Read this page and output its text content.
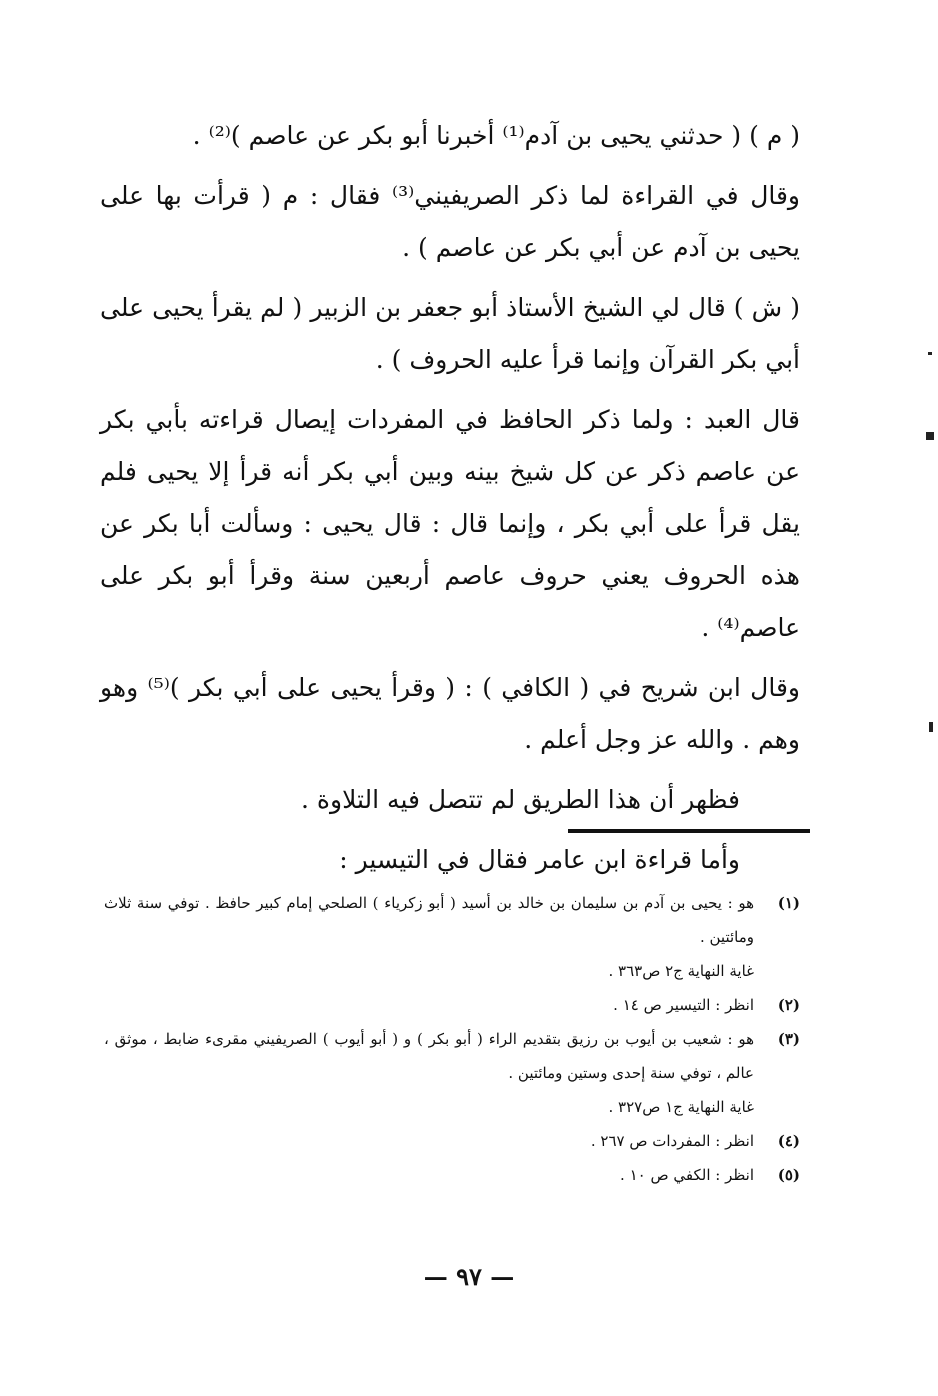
( م ) ( حدثني يحيى بن آدم⁽¹⁾ أخبرنا أبو بكر عن عاصم )⁽²⁾ .

وقال في القراءة لما ذكر الصريفيني⁽³⁾ فقال : م ( قرأت بها على يحيى بن آدم عن أبي بكر عن عاصم ) .

( ش ) قال لي الشيخ الأستاذ أبو جعفر بن الزبير ( لم يقرأ يحيى على أبي بكر القرآن وإنما قرأ عليه الحروف ) .

قال العبد : ولما ذكر الحافظ في المفردات إيصال قراءته بأبي بكر عن عاصم ذكر عن كل شيخ بينه وبين أبي بكر أنه قرأ إلا يحيى فلم يقل قرأ على أبي بكر ، وإنما قال : قال يحيى : وسألت أبا بكر عن هذه الحروف يعني حروف عاصم أربعين سنة وقرأ أبو بكر على عاصم⁽⁴⁾ .

وقال ابن شريح في ( الكافي ) : ( وقرأ يحيى على أبي بكر )⁽⁵⁾ وهو وهم . والله عز وجل أعلم .

فظهر أن هذا الطريق لم تتصل فيه التلاوة .

وأما قراءة ابن عامر فقال في التيسير :

(١)
هو : يحيى بن آدم بن سليمان بن خالد بن أسيد ( أبو زكرياء ) الصلحي إمام كبير حافظ . توفي سنة ثلاث ومائتين .
غاية النهاية ج٢ ص٣٦٣ .
(٢)
انظر : التيسير ص ١٤ .
(٣)
هو : شعيب بن أيوب بن رزيق بتقديم الراء ( أبو بكر ) و ( أبو أيوب ) الصريفيني مقرىء ضابط ، موثق ، عالم ، توفي سنة إحدى وستين ومائتين .
غاية النهاية ج١ ص٣٢٧ .
(٤)
انظر : المفردات ص ٢٦٧ .
(٥)
انظر : الكفي ص ١٠ .
— ٩٧ —
